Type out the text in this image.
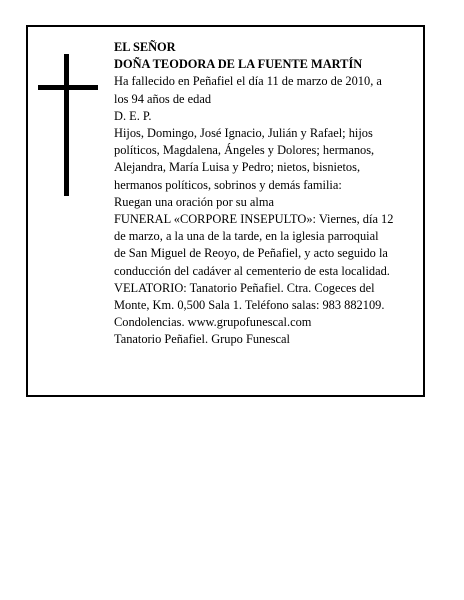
EL SEÑOR
DOÑA TEODORA DE LA FUENTE MARTÍN
Ha fallecido en Peñafiel el día 11 de marzo de 2010, a
los 94 años de edad
D. E. P.
Hijos, Domingo, José Ignacio, Julián y Rafael; hijos
políticos, Magdalena, Ángeles y Dolores; hermanos,
Alejandra, María Luisa y Pedro; nietos, bisnietos,
hermanos políticos, sobrinos y demás familia:
Ruegan una oración por su alma
FUNERAL «CORPORE INSEPULTO»: Viernes, día 12
de marzo, a la una de la tarde, en la iglesia parroquial
de San Miguel de Reoyo, de Peñafiel, y acto seguido la
conducción del cadáver al cementerio de esta localidad.
VELATORIO: Tanatorio Peñafiel. Ctra. Cogeces del
Monte, Km. 0,500 Sala 1. Teléfono salas: 983 882109.
Condolencias. www.grupofunescal.com
Tanatorio Peñafiel. Grupo Funescal
